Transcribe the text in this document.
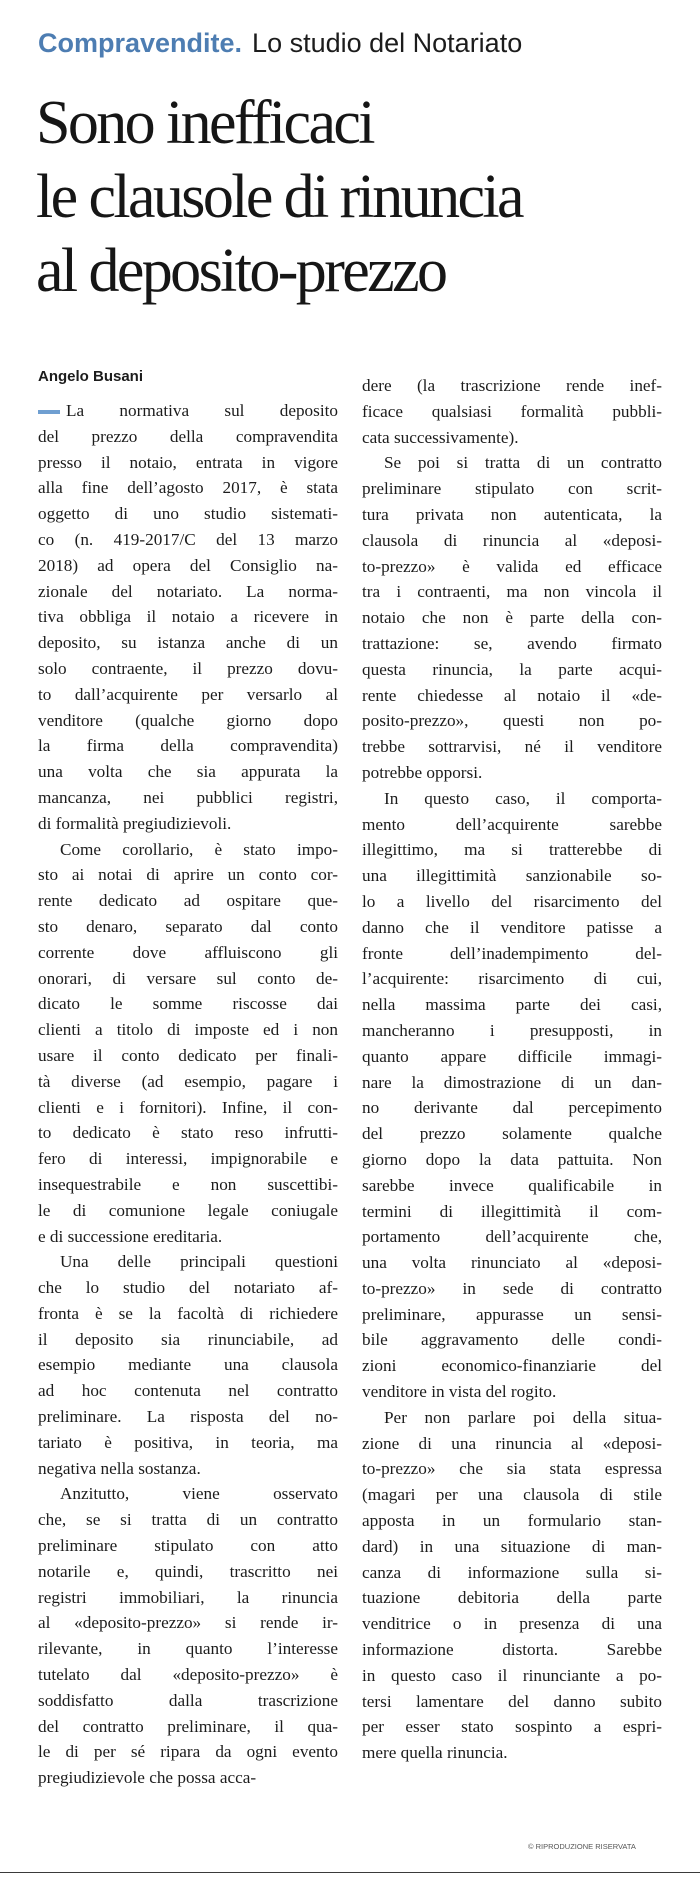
Compravendite. Lo studio del Notariato
Sono inefficaci
le clausole di rinuncia
al deposito-prezzo
Angelo Busani
La normativa sul deposito
del prezzo della compravendita
presso il notaio, entrata in vigore
alla fine dell’agosto 2017, è stata
oggetto di uno studio sistemati-
co (n. 419-2017/C del 13 marzo
2018) ad opera del Consiglio na-
zionale del notariato. La norma-
tiva obbliga il notaio a ricevere in
deposito, su istanza anche di un
solo contraente, il prezzo dovu-
to dall’acquirente per versarlo al
venditore (qualche giorno dopo
la firma della compravendita)
una volta che sia appurata la
mancanza, nei pubblici registri,
di formalità pregiudizievoli.
Come corollario, è stato impo-
sto ai notai di aprire un conto cor-
rente dedicato ad ospitare que-
sto denaro, separato dal conto
corrente dove affluiscono gli
onorari, di versare sul conto de-
dicato le somme riscosse dai
clienti a titolo di imposte ed i non
usare il conto dedicato per finali-
tà diverse (ad esempio, pagare i
clienti e i fornitori). Infine, il con-
to dedicato è stato reso infrutti-
fero di interessi, impignorabile e
insequestrabile e non suscettibi-
le di comunione legale coniugale
e di successione ereditaria.
Una delle principali questioni
che lo studio del notariato af-
fronta è se la facoltà di richiedere
il deposito sia rinunciabile, ad
esempio mediante una clausola
ad hoc contenuta nel contratto
preliminare. La risposta del no-
tariato è positiva, in teoria, ma
negativa nella sostanza.
Anzitutto, viene osservato
che, se si tratta di un contratto
preliminare stipulato con atto
notarile e, quindi, trascritto nei
registri immobiliari, la rinuncia
al «deposito-prezzo» si rende ir-
rilevante, in quanto l’interesse
tutelato dal «deposito-prezzo» è
soddisfatto dalla trascrizione
del contratto preliminare, il qua-
le di per sé ripara da ogni evento
pregiudizievole che possa acca-
dere (la trascrizione rende inef-
ficace qualsiasi formalità pubbli-
cata successivamente).
Se poi si tratta di un contratto
preliminare stipulato con scrit-
tura privata non autenticata, la
clausola di rinuncia al «deposi-
to-prezzo» è valida ed efficace
tra i contraenti, ma non vincola il
notaio che non è parte della con-
trattazione: se, avendo firmato
questa rinuncia, la parte acqui-
rente chiedesse al notaio il «de-
posito-prezzo», questi non po-
trebbe sottrarvisi, né il venditore
potrebbe opporsi.
In questo caso, il comporta-
mento dell’acquirente sarebbe
illegittimo, ma si tratterebbe di
una illegittimità sanzionabile so-
lo a livello del risarcimento del
danno che il venditore patisse a
fronte dell’inadempimento del-
l’acquirente: risarcimento di cui,
nella massima parte dei casi,
mancheranno i presupposti, in
quanto appare difficile immagi-
nare la dimostrazione di un dan-
no derivante dal percepimento
del prezzo solamente qualche
giorno dopo la data pattuita. Non
sarebbe invece qualificabile in
termini di illegittimità il com-
portamento dell’acquirente che,
una volta rinunciato al «deposi-
to-prezzo» in sede di contratto
preliminare, appurasse un sensi-
bile aggravamento delle condi-
zioni economico-finanziarie del
venditore in vista del rogito.
Per non parlare poi della situa-
zione di una rinuncia al «deposi-
to-prezzo» che sia stata espressa
(magari per una clausola di stile
apposta in un formulario stan-
dard) in una situazione di man-
canza di informazione sulla si-
tuazione debitoria della parte
venditrice o in presenza di una
informazione distorta. Sarebbe
in questo caso il rinunciante a po-
tersi lamentare del danno subito
per esser stato sospinto a espri-
mere quella rinuncia.
© RIPRODUZIONE RISERVATA
